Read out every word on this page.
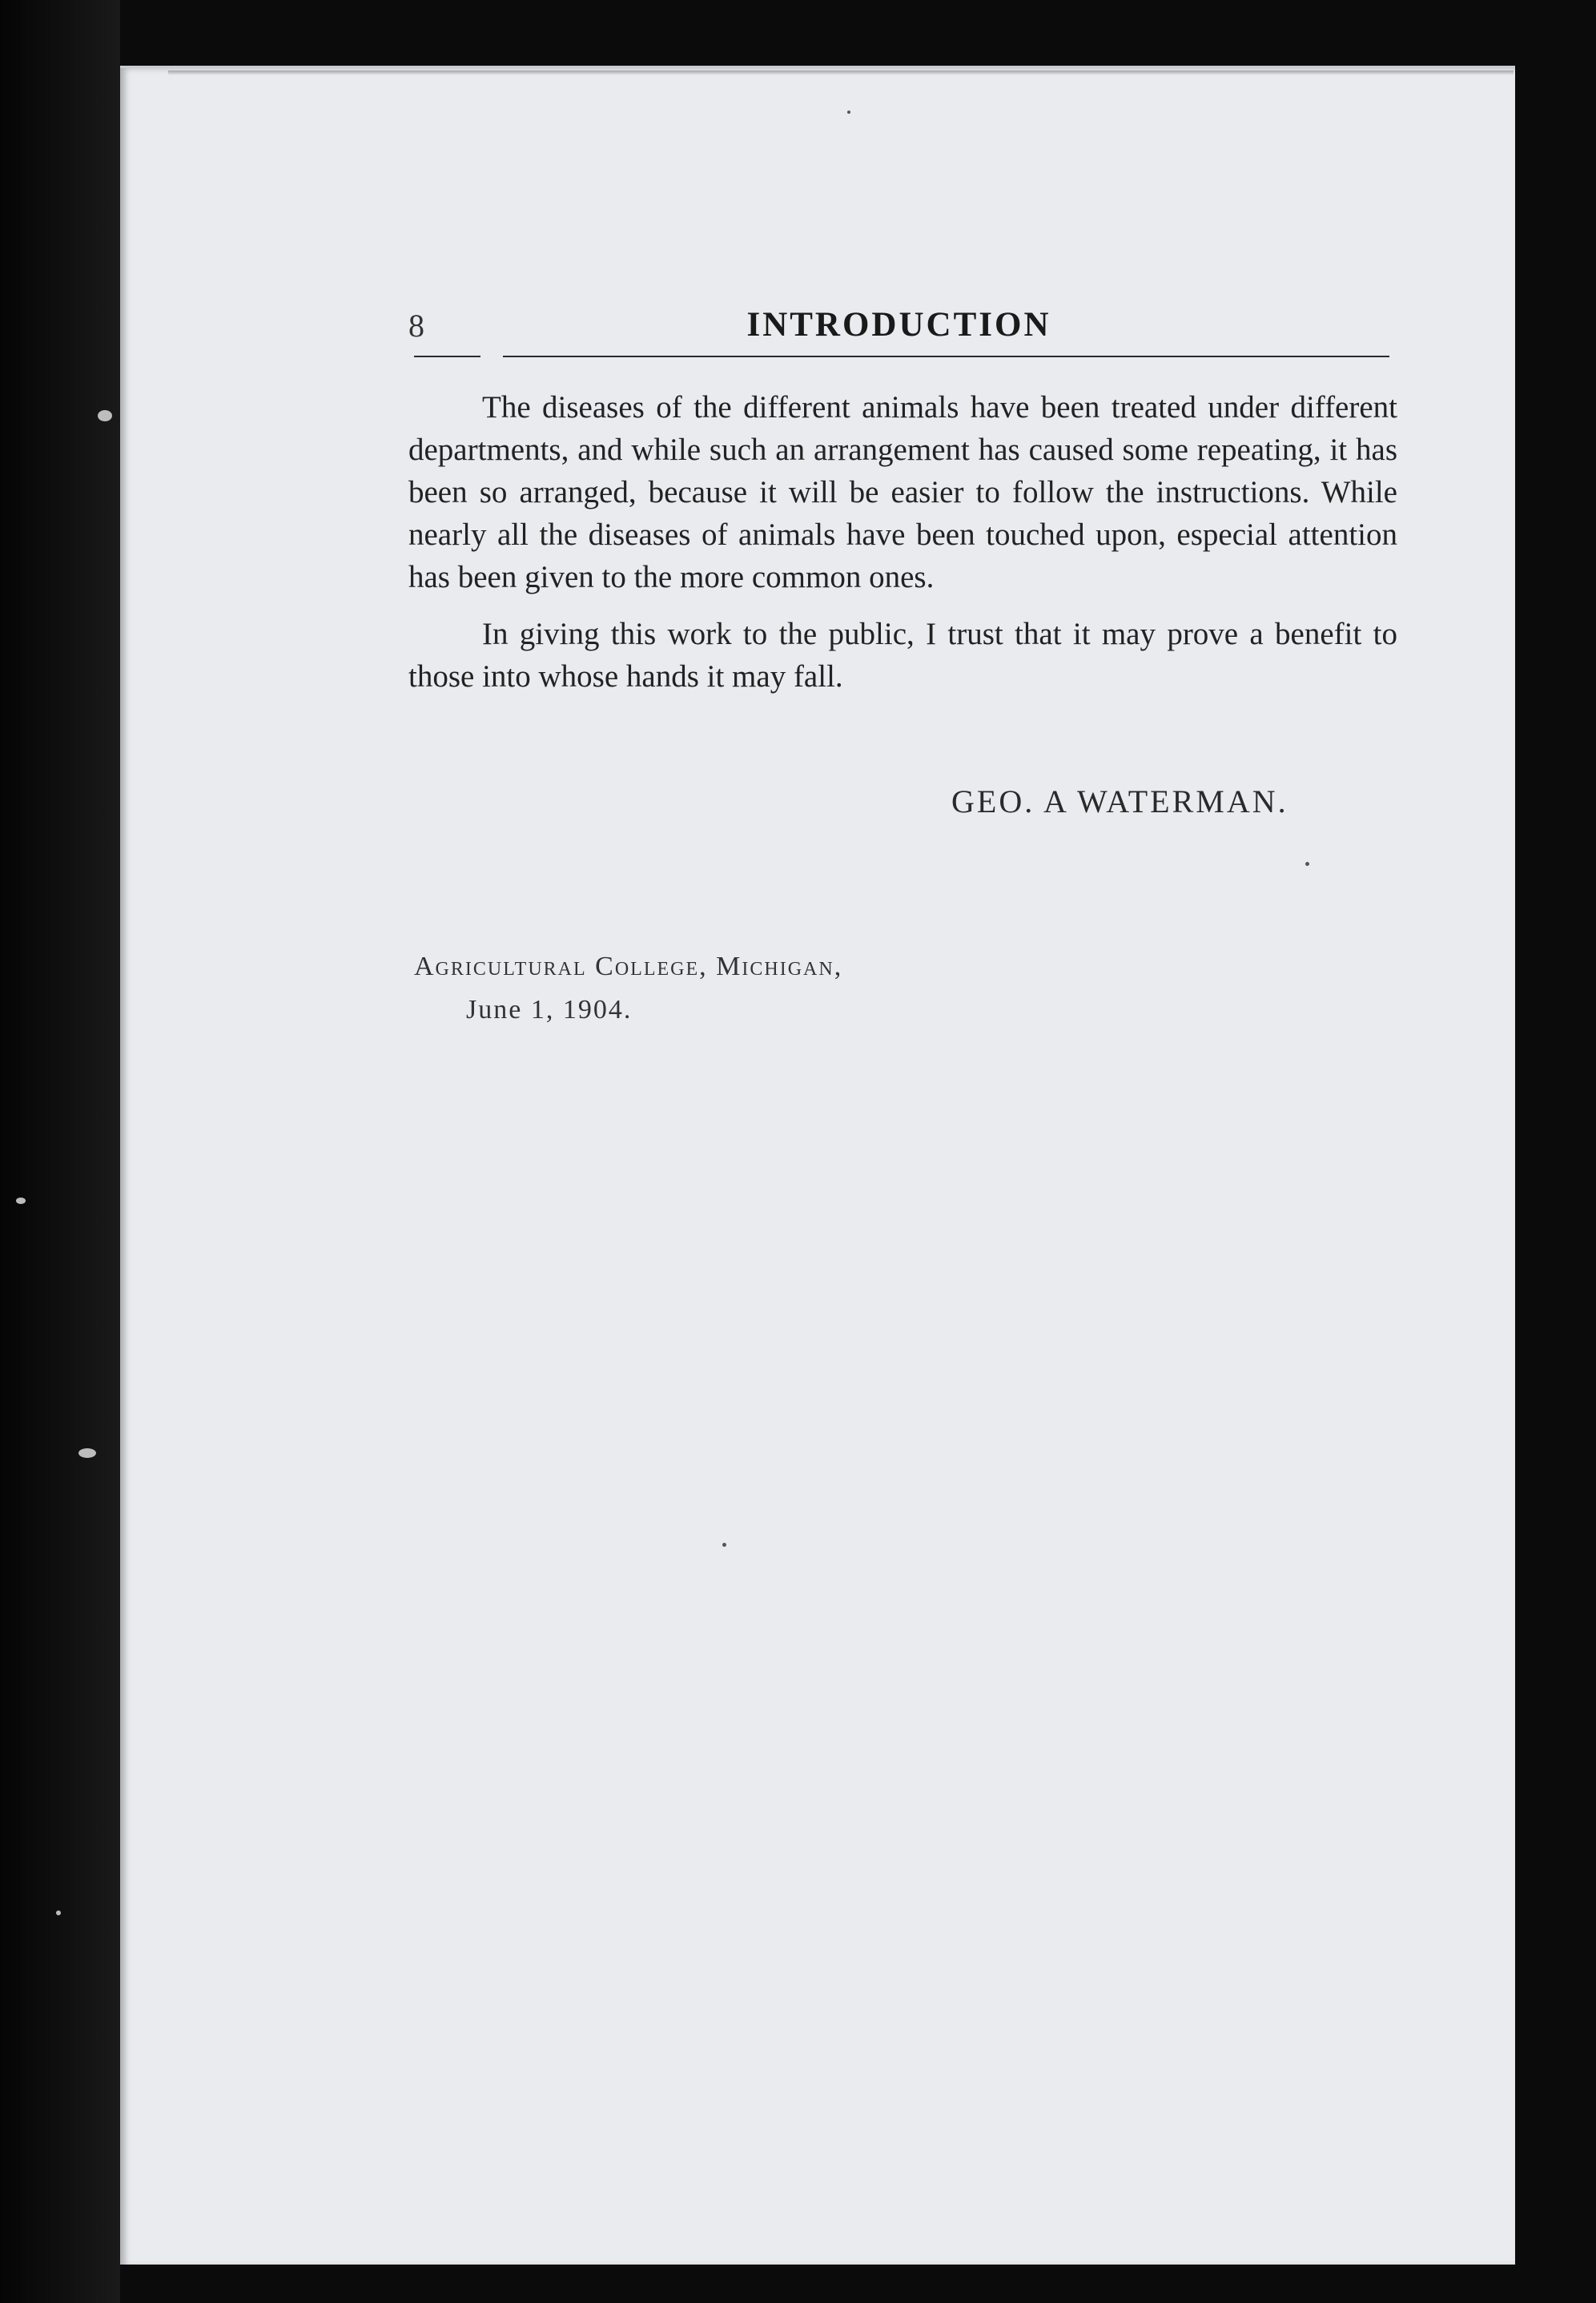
8	INTRODUCTION

The diseases of the different animals have been treated under different departments, and while such an arrangement has caused some repeating, it has been so arranged, because it will be easier to follow the instructions. While nearly all the diseases of animals have been touched upon, especial attention has been given to the more common ones.

In giving this work to the public, I trust that it may prove a benefit to those into whose hands it may fall.

GEO. A WATERMAN.
Agricultural College, Michigan,
June 1, 1904.
